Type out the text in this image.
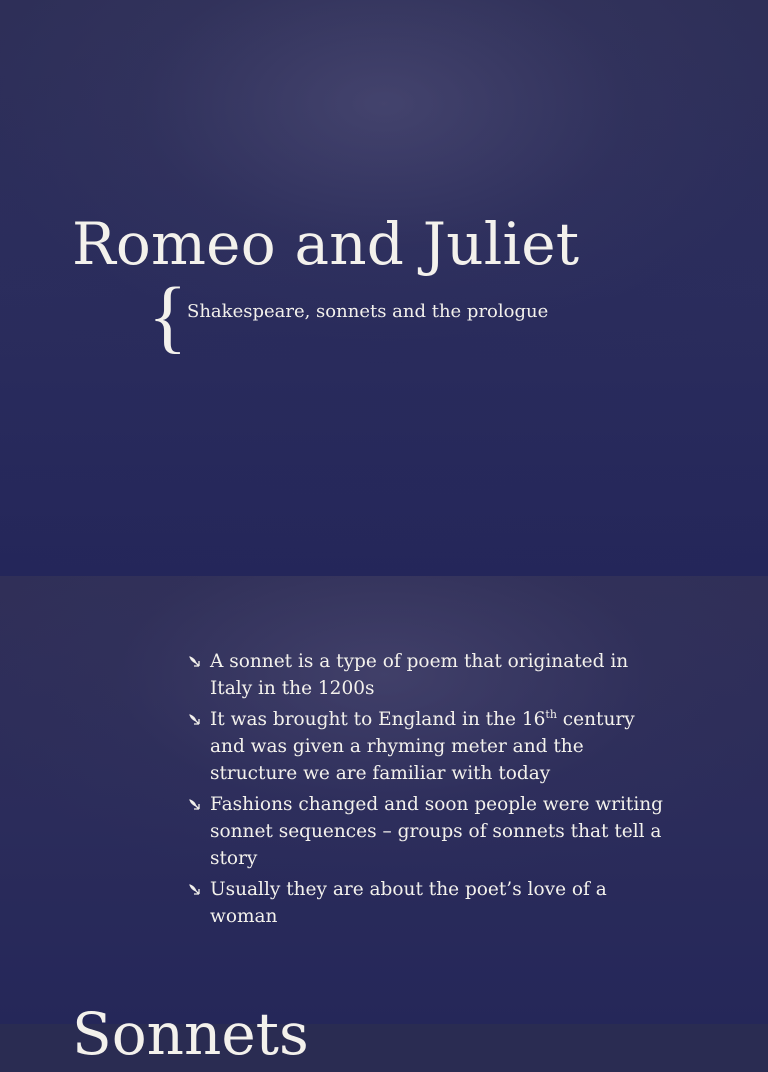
Romeo and Juliet
{ Shakespeare, sonnets and the prologue
A sonnet is a type of poem that originated in Italy in the 1200s
It was brought to England in the 16th century and was given a rhyming meter and the structure we are familiar with today
Fashions changed and soon people were writing sonnet sequences – groups of sonnets that tell a story
Usually they are about the poet’s love of a woman
Sonnets
